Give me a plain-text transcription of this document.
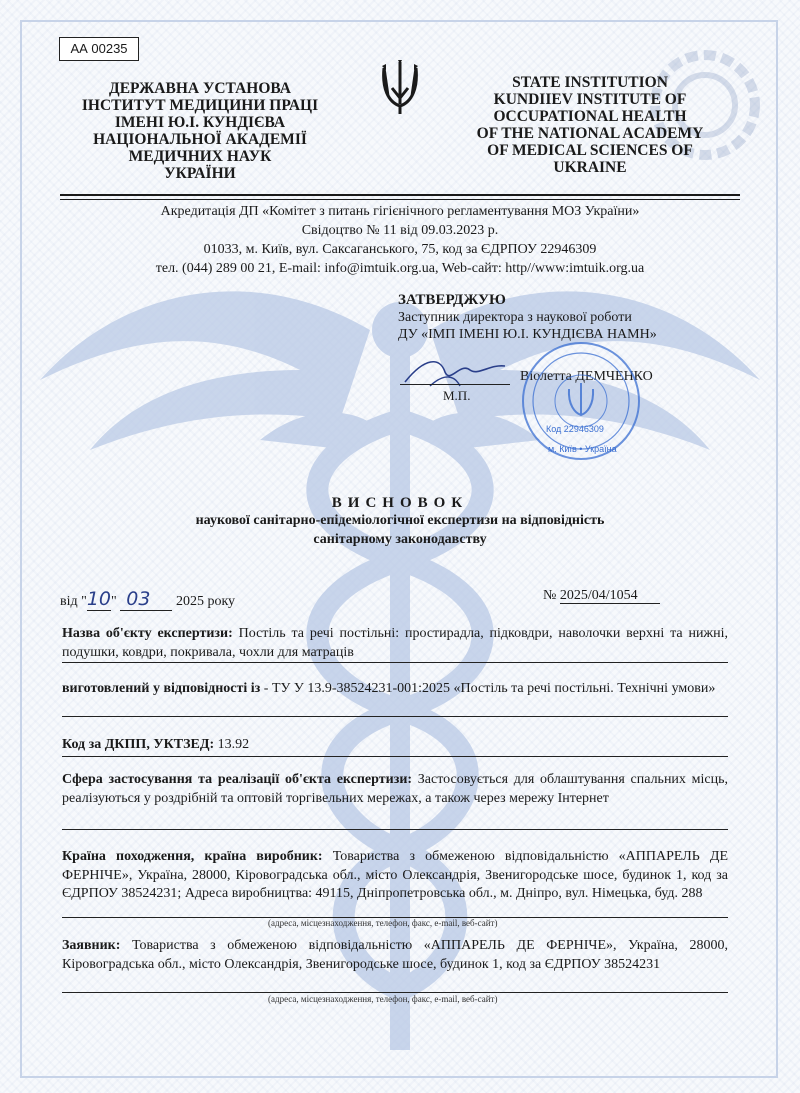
АА 00235
ДЕРЖАВНА УСТАНОВА
ІНСТИТУТ МЕДИЦИНИ ПРАЦІ
ІМЕНІ Ю.І. КУНДІЄВА
НАЦІОНАЛЬНОЇ АКАДЕМІЇ
МЕДИЧНИХ НАУК
УКРАЇНИ
STATE INSTITUTION
KUNDIIEV INSTITUTE OF
OCCUPATIONAL HEALTH
OF THE NATIONAL ACADEMY
OF MEDICAL SCIENCES OF
UKRAINE
Акредитація ДП «Комітет з питань гігієнічного регламентування МОЗ України»
Свідоцтво № 11 від 09.03.2023 р.
01033, м. Київ, вул. Саксаганського, 75, код за ЄДРПОУ 22946309
тел. (044) 289 00 21, E-mail: info@imtuik.org.ua, Web-сайт: http//www:imtuik.org.ua
ЗАТВЕРДЖУЮ
Заступник директора з наукової роботи
ДУ «ІМП ІМЕНІ Ю.І. КУНДІЄВА НАМН»
Віолетта ДЕМЧЕНКО
М.П.
Код 22946309
м. Київ • Україна
ВИСНОВОК
наукової санітарно-епідеміологічної експертизи на відповідність
санітарному законодавству
від "10" 03 2025 року	№ 2025/04/1054
Назва об'єкту експертизи: Постіль та речі постільні: простирадла, підковдри, наволочки верхні та нижні, подушки, ковдри, покривала, чохли для матраців
виготовлений у відповідності із - ТУ У 13.9-38524231-001:2025 «Постіль та речі постільні. Технічні умови»
Код за ДКПП, УКТЗЕД: 13.92
Сфера застосування та реалізації об'єкта експертизи: Застосовується для облаштування спальних місць, реалізуються у роздрібній та оптовій торгівельних мережах, а також через мережу Інтернет
Країна походження, країна виробник: Товариства з обмеженою відповідальністю «АППАРЕЛЬ ДЕ ФЕРНІЧЕ», Україна, 28000, Кіровоградська обл., місто Олександрія, Звенигородське шосе, будинок 1, код за ЄДРПОУ 38524231; Адреса виробництва: 49115, Дніпропетровська обл., м. Дніпро, вул. Німецька, буд. 288
(адреса, місцезнаходження, телефон, факс, e-mail, веб-сайт)
Заявник: Товариства з обмеженою відповідальністю «АППАРЕЛЬ ДЕ ФЕРНІЧЕ», Україна, 28000, Кіровоградська обл., місто Олександрія, Звенигородське шосе, будинок 1, код за ЄДРПОУ 38524231
(адреса, місцезнаходження, телефон, факс, e-mail, веб-сайт)
